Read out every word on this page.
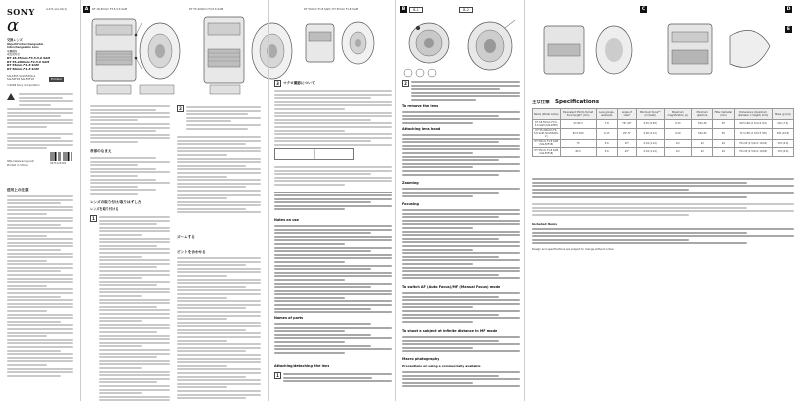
SONY	4-271-xxx-01(1)
α
交換レンズ
Objectif interchangeable
Interchangeable Lens
可换镜头
取扱説明書
DT 18-55mm F3.5-5.6 SAM
DT 55-200mm F4-5.6 SAM
DT 55mm F1.8 SAM
DT 50mm F1.8 SAM
SAL1855 SAL55200-2
SAL50F18 SAL55F18	Printed
©2009 Sony Corporation
http://www.sony.net/
Printed in China
4271xx5201
使用上の注意
A	DT 18-55mm F3.5-5.6 SAM	DT 55-200mm F4-5.6 SAM	DT 50mm F1.8 SAM / DT 55mm F1.8 SAM
各部のなまえ
レンズの取り付け/取りはずし方
レンズを取り付ける
1
2
ズームする
ピントを合わせる
3	マクロ撮影について
Notes on use
Names of parts
Attaching/detaching the lens
1
2
To remove the lens
Attaching lens hood
Zooming
Focusing
To switch AF (Auto Focus)/MF (Manual Focus) mode
To shoot a subject at infinite distance in MF mode
Macro photography
Precautions on using a commercially available
B	B-1	B-2	C	D
E
主な仕様 Specifications
Name (Model name)	Equivalent 35mm-format focal length* (mm)	Lens groups-elements	Angle of view*	Minimum focus** (m (feet))	Maximum magnification (x)	Minimum aperture	Filter diameter (mm)	Dimensions (maximum diameter × height) (mm)	Mass (g (oz))
DT 18-55mm F3.5-5.6 SAM (SAL1855)	27-82.5	7-8	76°-29°	0.25 (0.83)	0.34	f/22-36	55	69.5×69 (2 3/4×2 3/4)	210 (7.4)
DT 55-200mm F4-5.6 SAM (SAL55200-2)	82.5-300	9-13	29°-8°	0.95 (3.12)	0.29	f/32-45	55	71.5×85 (2 7/8×3 3/8)	305 (10.8)
DT 50mm F1.8 SAM (SAL50F18)	75	5-6	32°	0.34 (1.12)	0.2	22	49	70×45 (2 3/4×1 13/16)	170 (6.0)
DT 55mm F1.8 SAM (SAL55F18)	82.5	5-6	29°	0.34 (1.12)	0.2	22	49	70×45 (2 3/4×1 13/16)	170 (6.0)
Included items
Design and specifications are subject to change without notice.
